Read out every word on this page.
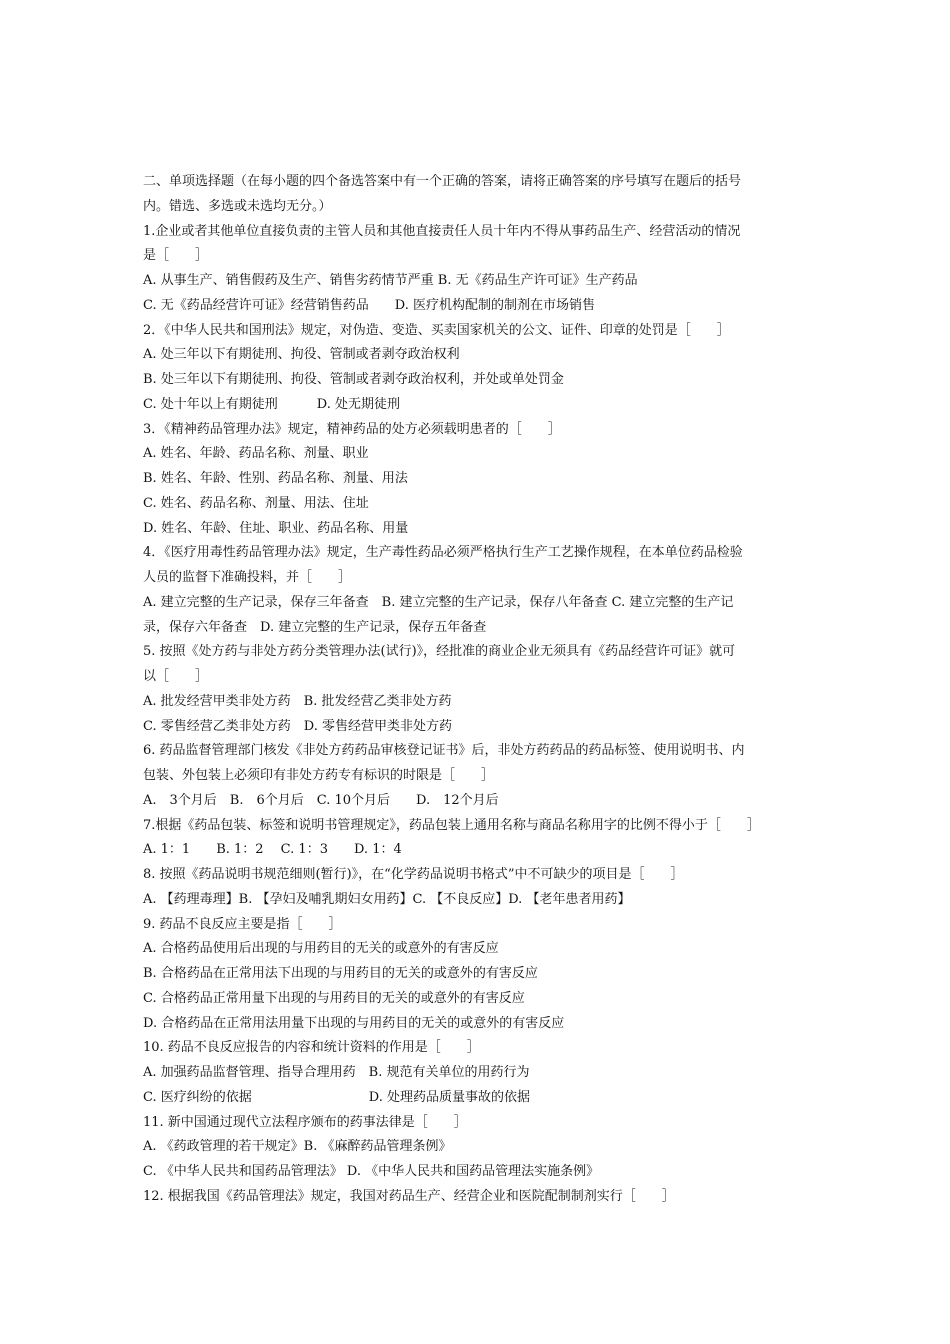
二、单项选择题（在每小题的四个备选答案中有一个正确的答案，请将正确答案的序号填写在题后的括号
内。错选、多选或未选均无分。）
1.企业或者其他单位直接负责的主管人员和其他直接责任人员十年内不得从事药品生产、经营活动的情况
是［　　］
A. 从事生产、销售假药及生产、销售劣药情节严重 B. 无《药品生产许可证》生产药品
C. 无《药品经营许可证》经营销售药品　　D. 医疗机构配制的制剂在市场销售
2．《中华人民共和国刑法》规定，对伪造、变造、买卖国家机关的公文、证件、印章的处罚是［　　］
A. 处三年以下有期徒刑、拘役、管制或者剥夺政治权利
B. 处三年以下有期徒刑、拘役、管制或者剥夺政治权利，并处或单处罚金
C. 处十年以上有期徒刑　　　D. 处无期徒刑
3．《精神药品管理办法》规定，精神药品的处方必须载明患者的［　　］
A. 姓名、年龄、药品名称、剂量、职业
B. 姓名、年龄、性别、药品名称、剂量、用法
C. 姓名、药品名称、剂量、用法、住址
D. 姓名、年龄、住址、职业、药品名称、用量
4．《医疗用毒性药品管理办法》规定，生产毒性药品必须严格执行生产工艺操作规程，在本单位药品检验
人员的监督下准确投料，并［　　］
A. 建立完整的生产记录，保存三年备查　B. 建立完整的生产记录，保存八年备查 C. 建立完整的生产记
录，保存六年备查　D. 建立完整的生产记录，保存五年备查
5. 按照《处方药与非处方药分类管理办法(试行)》，经批准的商业企业无须具有《药品经营许可证》就可
以［　　］
A. 批发经营甲类非处方药　B. 批发经营乙类非处方药
C. 零售经营乙类非处方药　D. 零售经营甲类非处方药
6. 药品监督管理部门核发《非处方药药品审核登记证书》后，非处方药药品的药品标签、使用说明书、内
包装、外包装上必须印有非处方药专有标识的时限是［　　］
A.　3个月后　B.　6个月后　C. 10个月后　　D.　12个月后
7.根据《药品包装、标签和说明书管理规定》，药品包装上通用名称与商品名称用字的比例不得小于［　　］
A. 1：1　　B. 1：2　 C. 1：3　　D. 1：4
8. 按照《药品说明书规范细则(暂行)》，在“化学药品说明书格式”中不可缺少的项目是［　　］
A. 【药理毒理】B. 【孕妇及哺乳期妇女用药】C. 【不良反应】D. 【老年患者用药】
9. 药品不良反应主要是指［　　］
A. 合格药品使用后出现的与用药目的无关的或意外的有害反应
B. 合格药品在正常用法下出现的与用药目的无关的或意外的有害反应
C. 合格药品正常用量下出现的与用药目的无关的或意外的有害反应
D. 合格药品在正常用法用量下出现的与用药目的无关的或意外的有害反应
10. 药品不良反应报告的内容和统计资料的作用是［　　］
A. 加强药品监督管理、指导合理用药　B. 规范有关单位的用药行为
C. 医疗纠纷的依据　　　　　　　　　D. 处理药品质量事故的依据
11. 新中国通过现代立法程序颁布的药事法律是［　　］
A. 《药政管理的若干规定》B. 《麻醉药品管理条例》
C. 《中华人民共和国药品管理法》 D. 《中华人民共和国药品管理法实施条例》
12. 根据我国《药品管理法》规定，我国对药品生产、经营企业和医院配制制剂实行［　　］
